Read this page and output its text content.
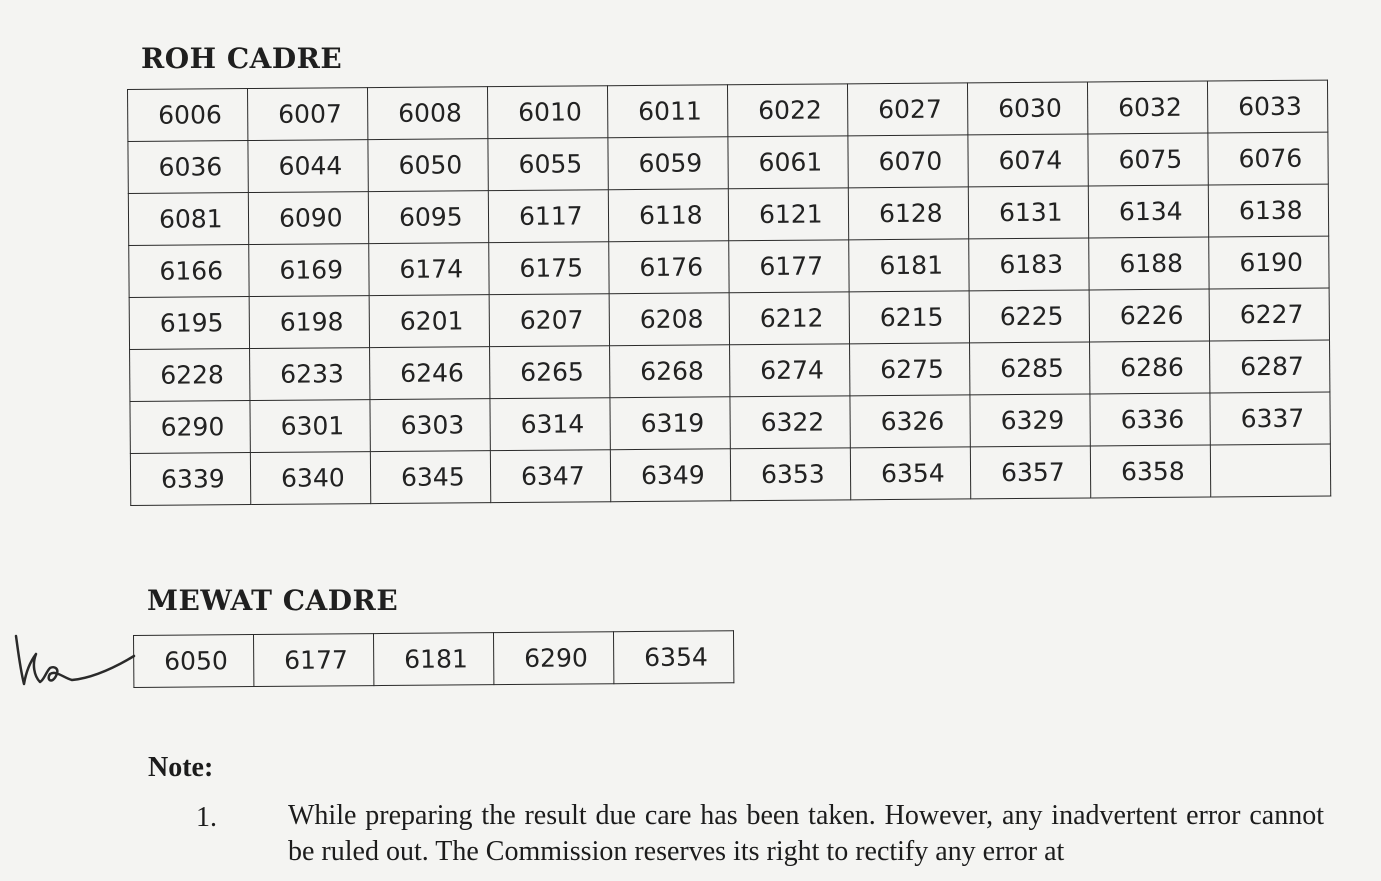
ROH CADRE
6006	6007	6008	6010	6011	6022	6027	6030	6032	6033
6036	6044	6050	6055	6059	6061	6070	6074	6075	6076
6081	6090	6095	6117	6118	6121	6128	6131	6134	6138
6166	6169	6174	6175	6176	6177	6181	6183	6188	6190
6195	6198	6201	6207	6208	6212	6215	6225	6226	6227
6228	6233	6246	6265	6268	6274	6275	6285	6286	6287
6290	6301	6303	6314	6319	6322	6326	6329	6336	6337
6339	6340	6345	6347	6349	6353	6354	6357	6358	
MEWAT CADRE
6050	6177	6181	6290	6354
Note:
1.	While preparing the result due care has been taken. However, any inadvertent error cannot be ruled out. The Commission reserves its right to rectify any error at
